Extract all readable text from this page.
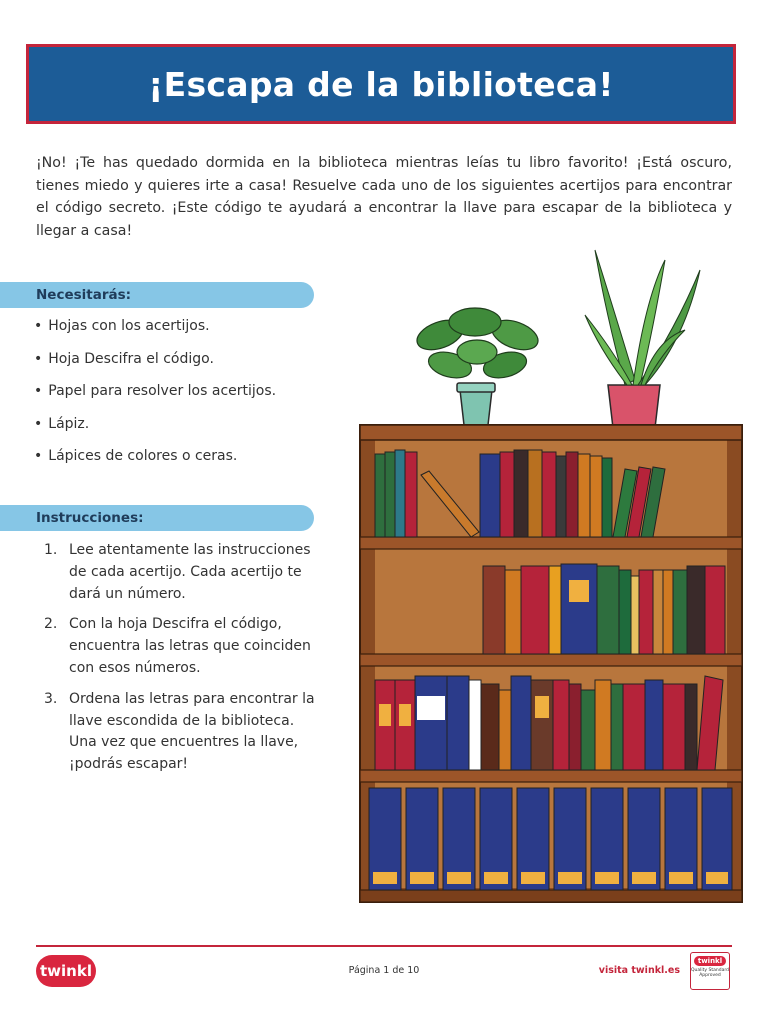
¡Escapa de la biblioteca!

¡No! ¡Te has quedado dormida en la biblioteca mientras leías tu libro favorito! ¡Está oscuro, tienes miedo y quieres irte a casa! Resuelve cada uno de los siguientes acertijos para encontrar el código secreto. ¡Este código te ayudará a encontrar la llave para escapar de la biblioteca y llegar a casa!

Necesitarás:
• Hojas con los acertijos.
• Hoja Descifra el código.
• Papel para resolver los acertijos.
• Lápiz.
• Lápices de colores o ceras.
Instrucciones:
1. Lee atentamente las instrucciones de cada acertijo. Cada acertijo te dará un número.
2. Con la hoja Descifra el código, encuentra las letras que coinciden con esos números.
3. Ordena las letras para encontrar la llave escondida de la biblioteca. Una vez que encuentres la llave, ¡podrás escapar!
twinkl	Página 1 de 10	visita twinkl.es
twinkl
Quality Standard Approved
